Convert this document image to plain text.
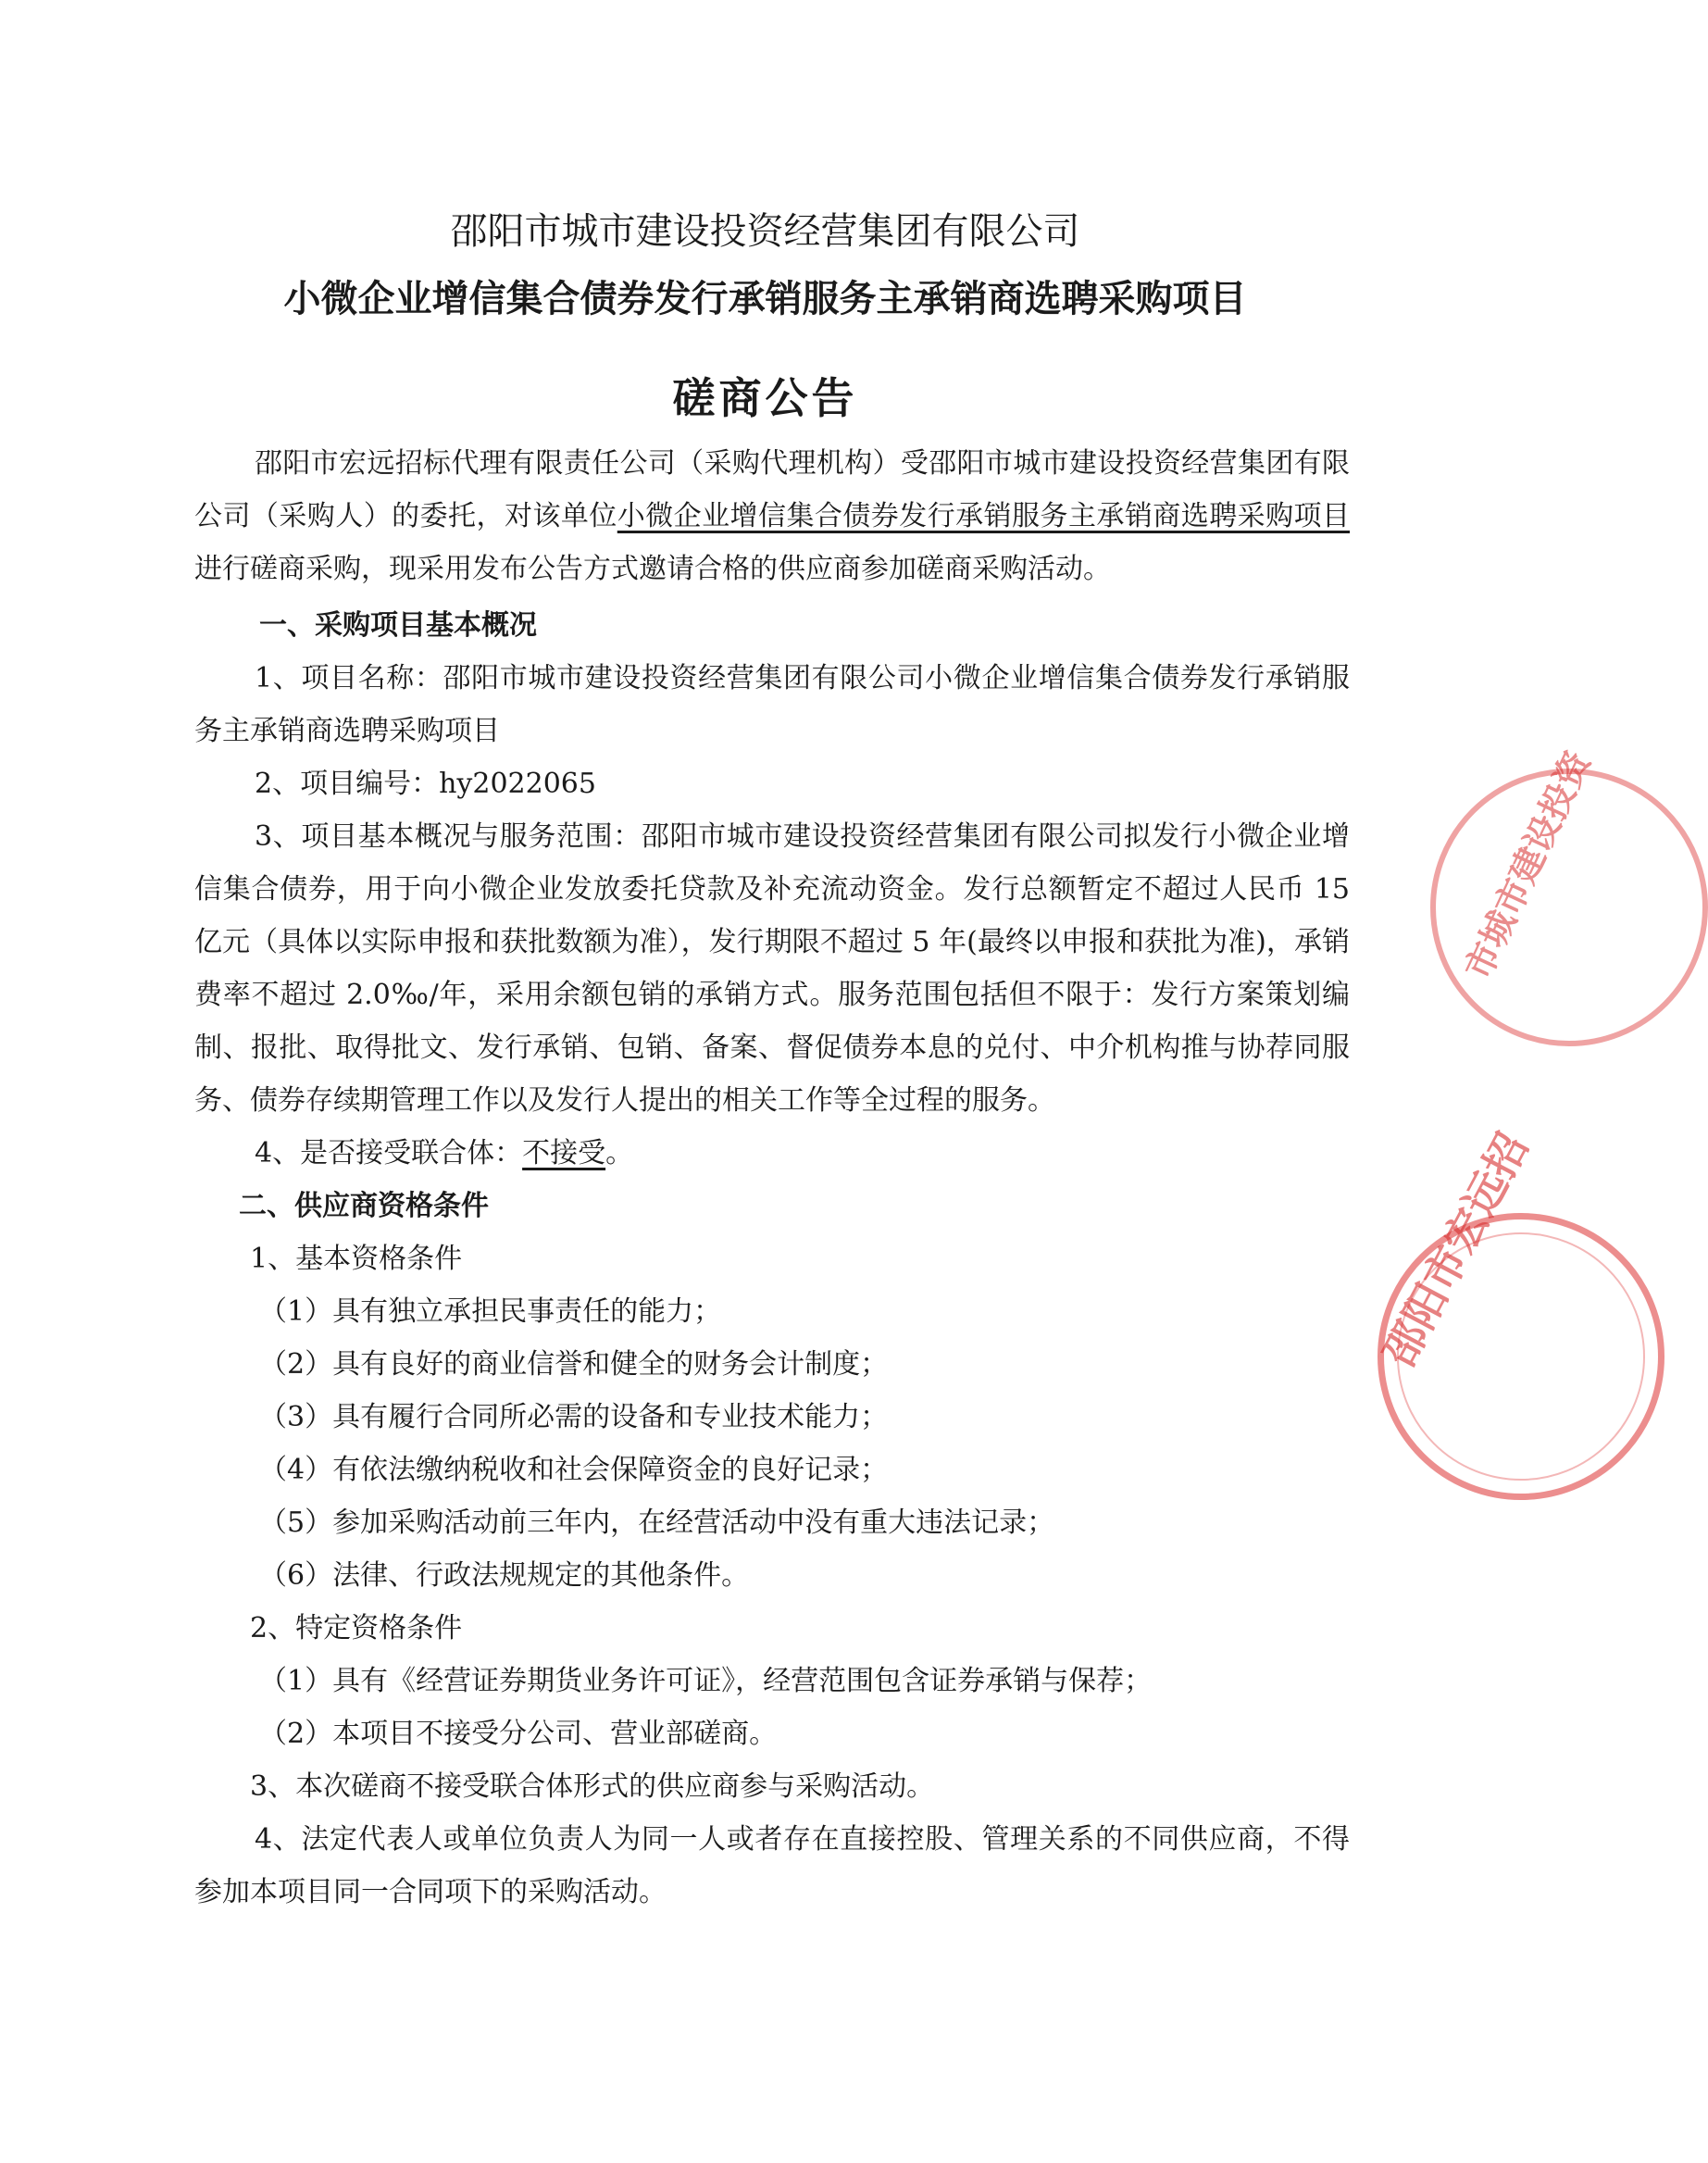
邵阳市城市建设投资经营集团有限公司
小微企业增信集合债券发行承销服务主承销商选聘采购项目
磋商公告

邵阳市宏远招标代理有限责任公司（采购代理机构）受邵阳市城市建设投资经营集团有限公司（采购人）的委托，对该单位小微企业增信集合债券发行承销服务主承销商选聘采购项目进行磋商采购，现采用发布公告方式邀请合格的供应商参加磋商采购活动。

一、采购项目基本概况

1、项目名称：邵阳市城市建设投资经营集团有限公司小微企业增信集合债券发行承销服务主承销商选聘采购项目

2、项目编号：hy2022065

3、项目基本概况与服务范围：邵阳市城市建设投资经营集团有限公司拟发行小微企业增信集合债券，用于向小微企业发放委托贷款及补充流动资金。发行总额暂定不超过人民币 15 亿元（具体以实际申报和获批数额为准），发行期限不超过 5 年(最终以申报和获批为准)，承销费率不超过 2.0‰/年，采用余额包销的承销方式。服务范围包括但不限于：发行方案策划编制、报批、取得批文、发行承销、包销、备案、督促债券本息的兑付、中介机构推与协荐同服务、债券存续期管理工作以及发行人提出的相关工作等全过程的服务。

4、是否接受联合体：不接受。

二、供应商资格条件

1、基本资格条件

（1）具有独立承担民事责任的能力；

（2）具有良好的商业信誉和健全的财务会计制度；

（3）具有履行合同所必需的设备和专业技术能力；

（4）有依法缴纳税收和社会保障资金的良好记录；

（5）参加采购活动前三年内，在经营活动中没有重大违法记录；

（6）法律、行政法规规定的其他条件。

2、特定资格条件

（1）具有《经营证券期货业务许可证》，经营范围包含证券承销与保荐；

（2）本项目不接受分公司、营业部磋商。

3、本次磋商不接受联合体形式的供应商参与采购活动。

4、法定代表人或单位负责人为同一人或者存在直接控股、管理关系的不同供应商，不得参加本项目同一合同项下的采购活动。

市城市建设投资
邵阳市宏远招
